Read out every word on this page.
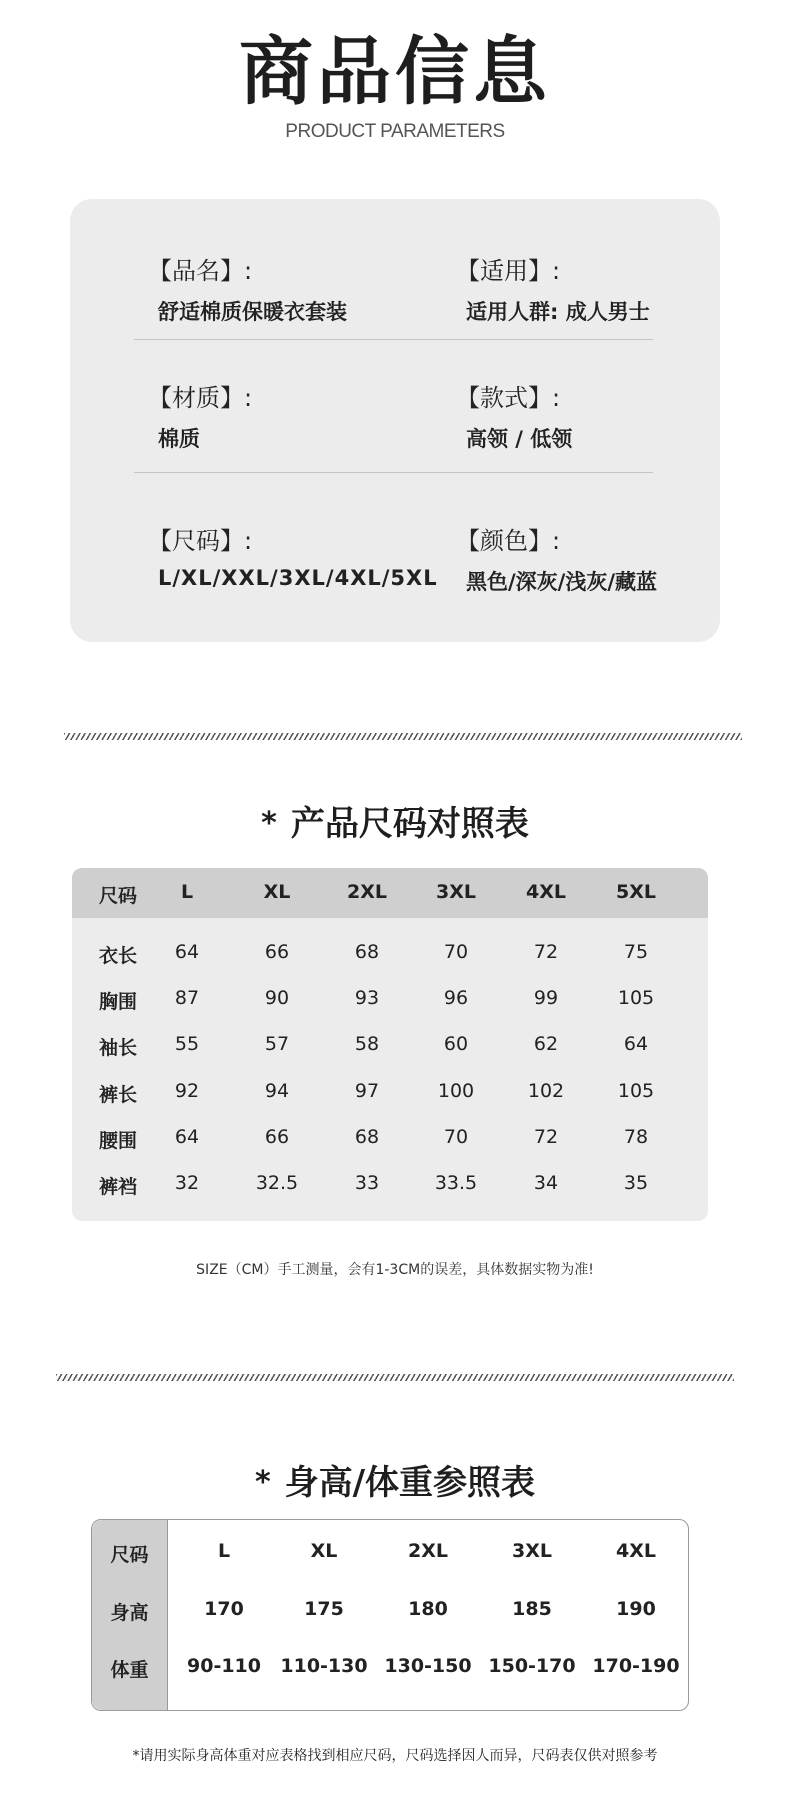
商品信息
PRODUCT PARAMETERS
【品名】:
舒适棉质保暖衣套装
【适用】:
适用人群: 成人男士
【材质】:
棉质
【款式】:
高领 / 低领
【尺码】:
L/XL/XXL/3XL/4XL/5XL
【颜色】:
黑色/深灰/浅灰/藏蓝
* 产品尺码对照表
尺码	L	XL	2XL	3XL	4XL	5XL
衣长	64	66	68	70	72	75
胸围	87	90	93	96	99	105
袖长	55	57	58	60	62	64
裤长	92	94	97	100	102	105
腰围	64	66	68	70	72	78
裤裆	32	32.5	33	33.5	34	35
SIZE（CM）手工测量，会有1-3CM的误差，具体数据实物为准!
* 身高/体重参照表
尺码	L	XL	2XL	3XL	4XL
身高	170	175	180	185	190
体重	90-110	110-130 130-150 150-170 170-190
*请用实际身高体重对应表格找到相应尺码，尺码选择因人而异，尺码表仅供对照参考
